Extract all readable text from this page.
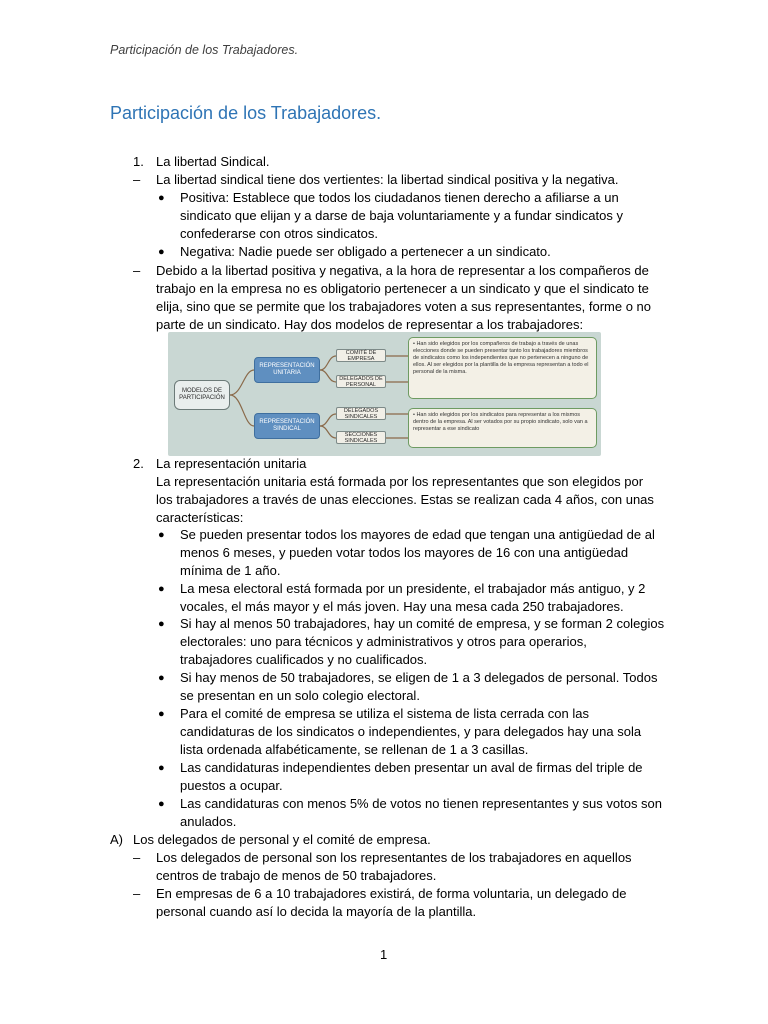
Participación de los Trabajadores.
Participación de los Trabajadores.
1. La libertad Sindical.
– La libertad sindical tiene dos vertientes: la libertad sindical positiva y la negativa.
● Positiva: Establece que todos los ciudadanos tienen derecho a afiliarse a un
sindicato que elijan y a darse de baja voluntariamente y a fundar sindicatos y
confederarse con otros sindicatos.
● Negativa: Nadie puede ser obligado a pertenecer a un sindicato.
– Debido a la libertad positiva y negativa, a la hora de representar a los compañeros de
trabajo en la empresa no es obligatorio pertenecer a un sindicato y que el sindicato te
elija, sino que se permite que los trabajadores voten a sus representantes, forme o no
parte de un sindicato. Hay dos modelos de representar a los trabajadores:
MODELOS DE PARTICIPACIÓN
REPRESENTACIÓN UNITARIA
REPRESENTACIÓN SINDICAL
COMITÉ DE EMPRESA
DELEGADOS DE PERSONAL
DELEGADOS SINDICALES
SECCIONES SINDICALES
• Han sido elegidos por los compañeros de trabajo a través de unas elecciones donde se pueden presentar tanto los trabajadores miembros de sindicatos como los independientes que no pertenecen a ninguno de ellos. Al ser elegidos por la plantilla de la empresa representan a todo el personal de la misma.
• Han sido elegidos por los sindicatos para representar a los mismos dentro de la empresa. Al ser votados por su propio sindicato, solo van a representar a ese sindicato
2. La representación unitaria
La representación unitaria está formada por los representantes que son elegidos por
los trabajadores a través de unas elecciones. Estas se realizan cada 4 años, con unas
características:
● Se pueden presentar todos los mayores de edad que tengan una antigüedad de al
menos 6 meses, y pueden votar todos los mayores de 16 con una antigüedad
mínima de 1 año.
● La mesa electoral está formada por un presidente, el trabajador más antiguo, y 2
vocales, el más mayor y el más joven. Hay una mesa cada 250 trabajadores.
● Si hay al menos 50 trabajadores, hay un comité de empresa, y se forman 2 colegios
electorales: uno para técnicos y administrativos y otros para operarios,
trabajadores cualificados y no cualificados.
● Si hay menos de 50 trabajadores, se eligen de 1 a 3 delegados de personal. Todos
se presentan en un solo colegio electoral.
● Para el comité de empresa se utiliza el sistema de lista cerrada con las
candidaturas de los sindicatos o independientes, y para delegados hay una sola
lista ordenada alfabéticamente, se rellenan de 1 a 3 casillas.
● Las candidaturas independientes deben presentar un aval de firmas del triple de
puestos a ocupar.
● Las candidaturas con menos 5% de votos no tienen representantes y sus votos son
anulados.
A) Los delegados de personal y el comité de empresa.
– Los delegados de personal son los representantes de los trabajadores en aquellos
centros de trabajo de menos de 50 trabajadores.
– En empresas de 6 a 10 trabajadores existirá, de forma voluntaria, un delegado de
personal cuando así lo decida la mayoría de la plantilla.
1
